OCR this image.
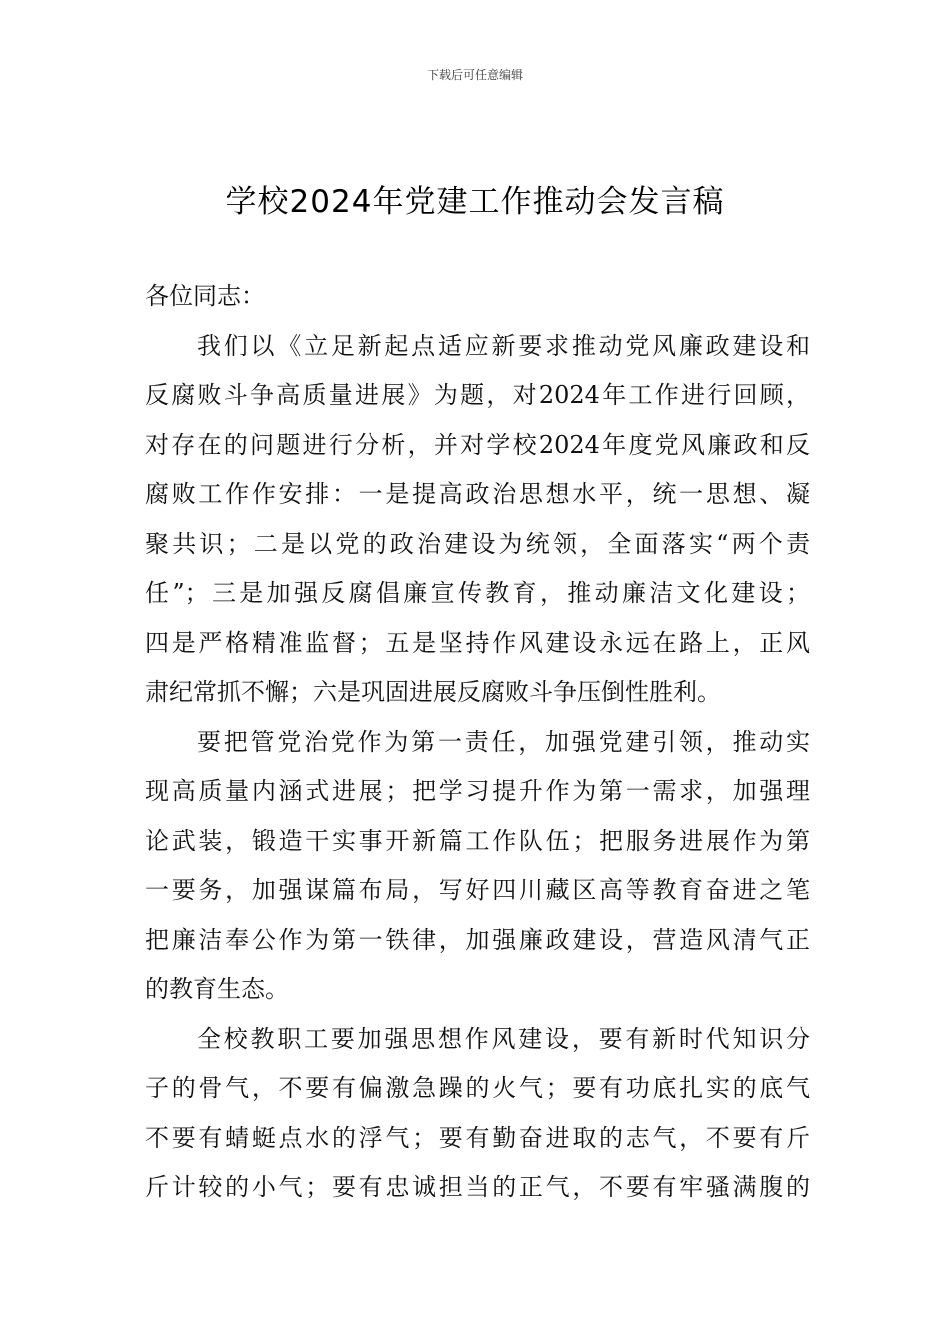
下载后可任意编辑
学校2024年党建工作推动会发言稿
各位同志：
我们以《立足新起点适应新要求推动党风廉政建设和
反腐败斗争高质量进展》为题，对2024年工作进行回顾，
对存在的问题进行分析，并对学校2024年度党风廉政和反
腐败工作作安排：一是提高政治思想水平，统一思想、凝
聚共识；二是以党的政治建设为统领，全面落实“两个责
任”；三是加强反腐倡廉宣传教育，推动廉洁文化建设；
四是严格精准监督；五是坚持作风建设永远在路上，正风
肃纪常抓不懈；六是巩固进展反腐败斗争压倒性胜利。
要把管党治党作为第一责任，加强党建引领，推动实
现高质量内涵式进展；把学习提升作为第一需求，加强理
论武装，锻造干实事开新篇工作队伍；把服务进展作为第
一要务，加强谋篇布局，写好四川藏区高等教育奋进之笔
把廉洁奉公作为第一铁律，加强廉政建设，营造风清气正
的教育生态。
全校教职工要加强思想作风建设，要有新时代知识分
子的骨气，不要有偏激急躁的火气；要有功底扎实的底气
不要有蜻蜓点水的浮气；要有勤奋进取的志气，不要有斤
斤计较的小气；要有忠诚担当的正气，不要有牢骚满腹的
